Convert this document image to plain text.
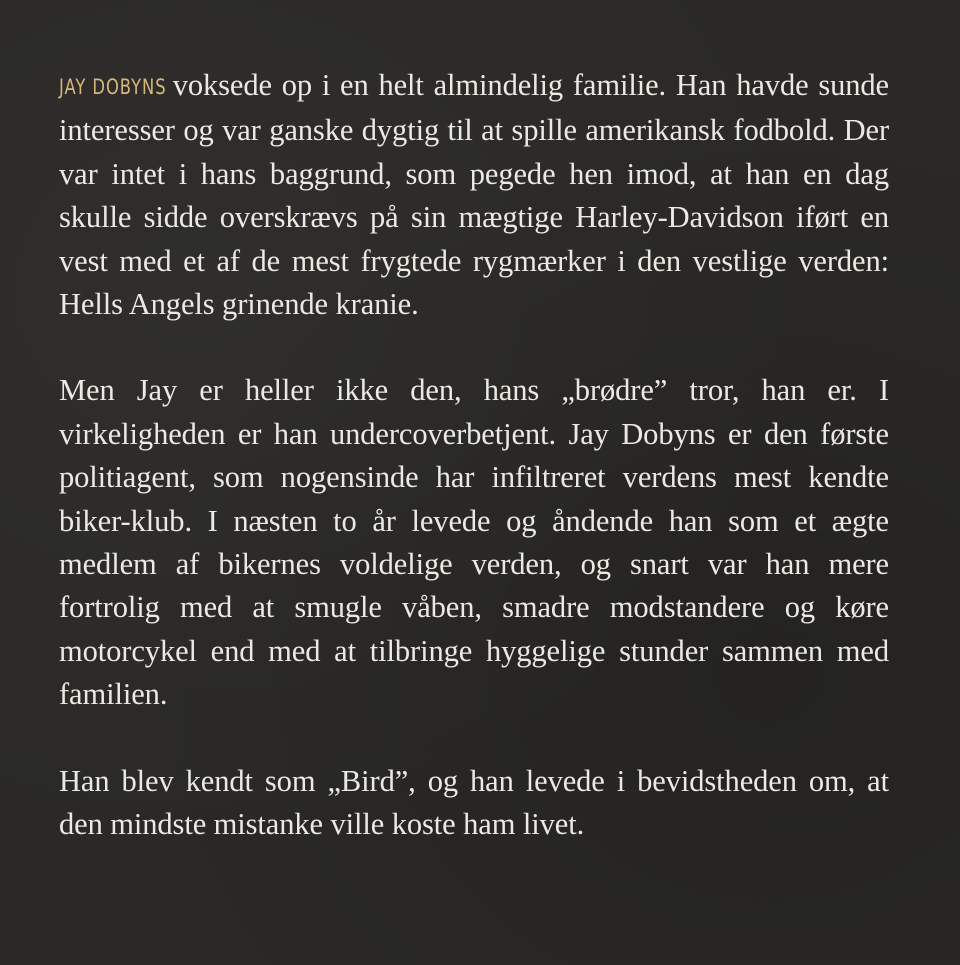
JAY DOBYNS voksede op i en helt almindelig familie. Han havde sunde interesser og var ganske dygtig til at spille amerikansk fodbold. Der var intet i hans baggrund, som pegede hen imod, at han en dag skulle sidde overskrævs på sin mægtige Harley-Davidson iført en vest med et af de mest frygtede rygmærker i den vestlige verden: Hells Angels grinende kranie.

Men Jay er heller ikke den, hans „brødre” tror, han er. I virkeligheden er han undercoverbetjent. Jay Dobyns er den første politiagent, som nogensinde har infiltreret verdens mest kendte biker-klub. I næsten to år levede og åndende han som et ægte medlem af bikernes voldelige verden, og snart var han mere fortrolig med at smugle våben, smadre modstandere og køre motorcykel end med at tilbringe hyggelige stunder sammen med familien.

Han blev kendt som „Bird”, og han levede i bevidstheden om, at den mindste mistanke ville koste ham livet.
